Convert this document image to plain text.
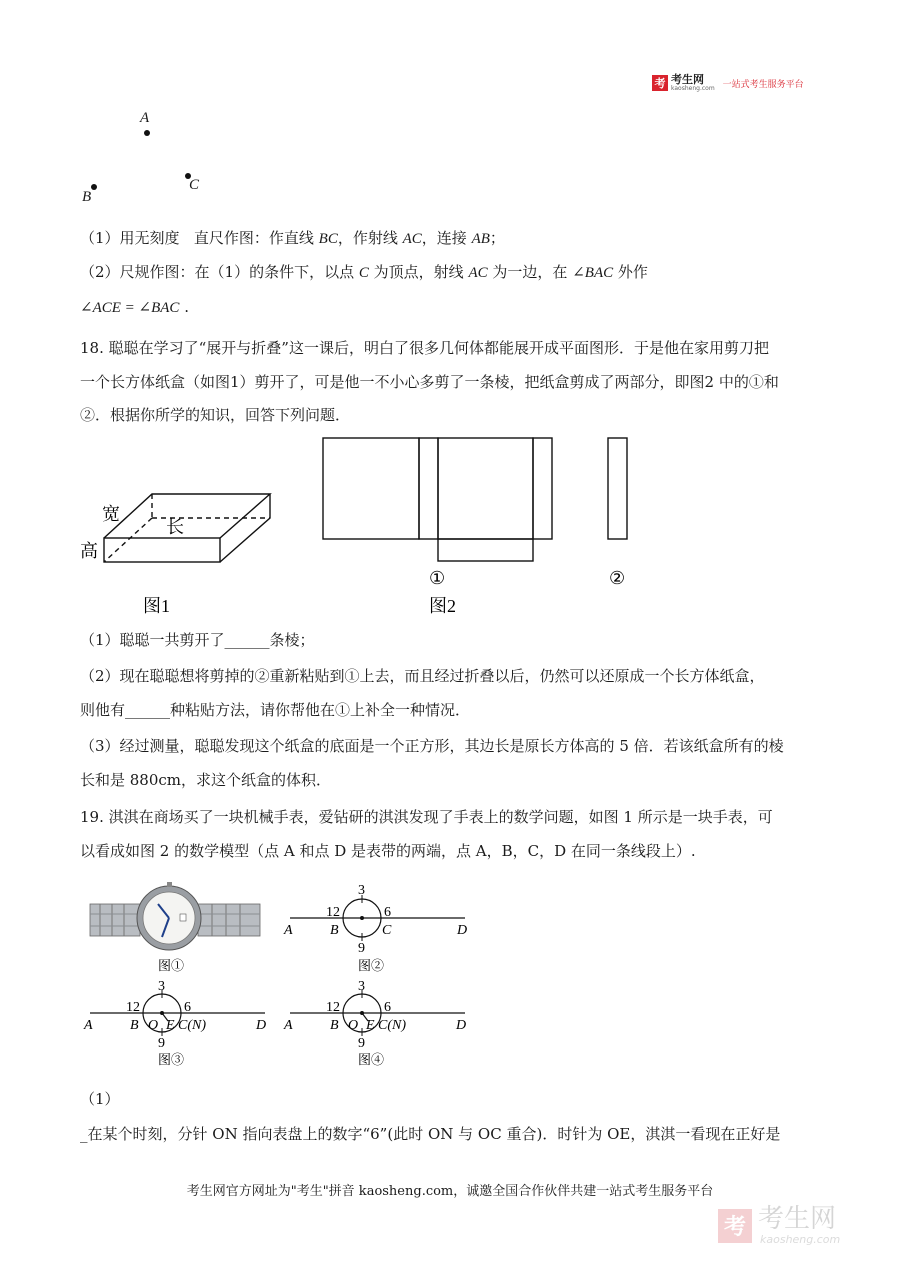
考 考生网
kaosheng.com 一站式考生服务平台
A
C
B
（1）用无刻度 直尺作图：作直线 BC，作射线 AC，连接 AB；
（2）尺规作图：在（1）的条件下，以点 C 为顶点，射线 AC 为一边，在 ∠BAC 外作
∠ACE = ∠BAC .
18. 聪聪在学习了“展开与折叠”这一课后，明白了很多几何体都能展开成平面图形．于是他在家用剪刀把
一个长方体纸盒（如图1）剪开了，可是他一不小心多剪了一条棱，把纸盒剪成了两部分，即图2 中的①和
②．根据你所学的知识，回答下列问题．
宽
高
长
图1
①	②
图2
（1）聪聪一共剪开了______条棱；
（2）现在聪聪想将剪掉的②重新粘贴到①上去，而且经过折叠以后，仍然可以还原成一个长方体纸盒，
则他有______种粘贴方法，请你帮他在①上补全一种情况．
（3）经过测量，聪聪发现这个纸盒的底面是一个正方形，其边长是原长方体高的 5 倍．若该纸盒所有的棱
长和是 880cm，求这个纸盒的体积．
19. 淇淇在商场买了一块机械手表，爱钻研的淇淇发现了手表上的数学问题，如图 1 所示是一块手表，可
以看成如图 2 的数学模型（点 A 和点 D 是表带的两端，点 A，B，C，D 在同一条线段上）.
图①
3
12	6
9
A	B	C	D
图②
3
12	6
9
A	B O E C(N)	D
图③
3
12	6
9
A	B O E C(N)	D
图④
（1）
_在某个时刻，分针 ON 指向表盘上的数字“6”(此时 ON 与 OC 重合)．时针为 OE，淇淇一看现在正好是
考生网官方网址为"考生"拼音 kaosheng.com，诚邀全国合作伙伴共建一站式考生服务平台
考 考生网
kaosheng.com
